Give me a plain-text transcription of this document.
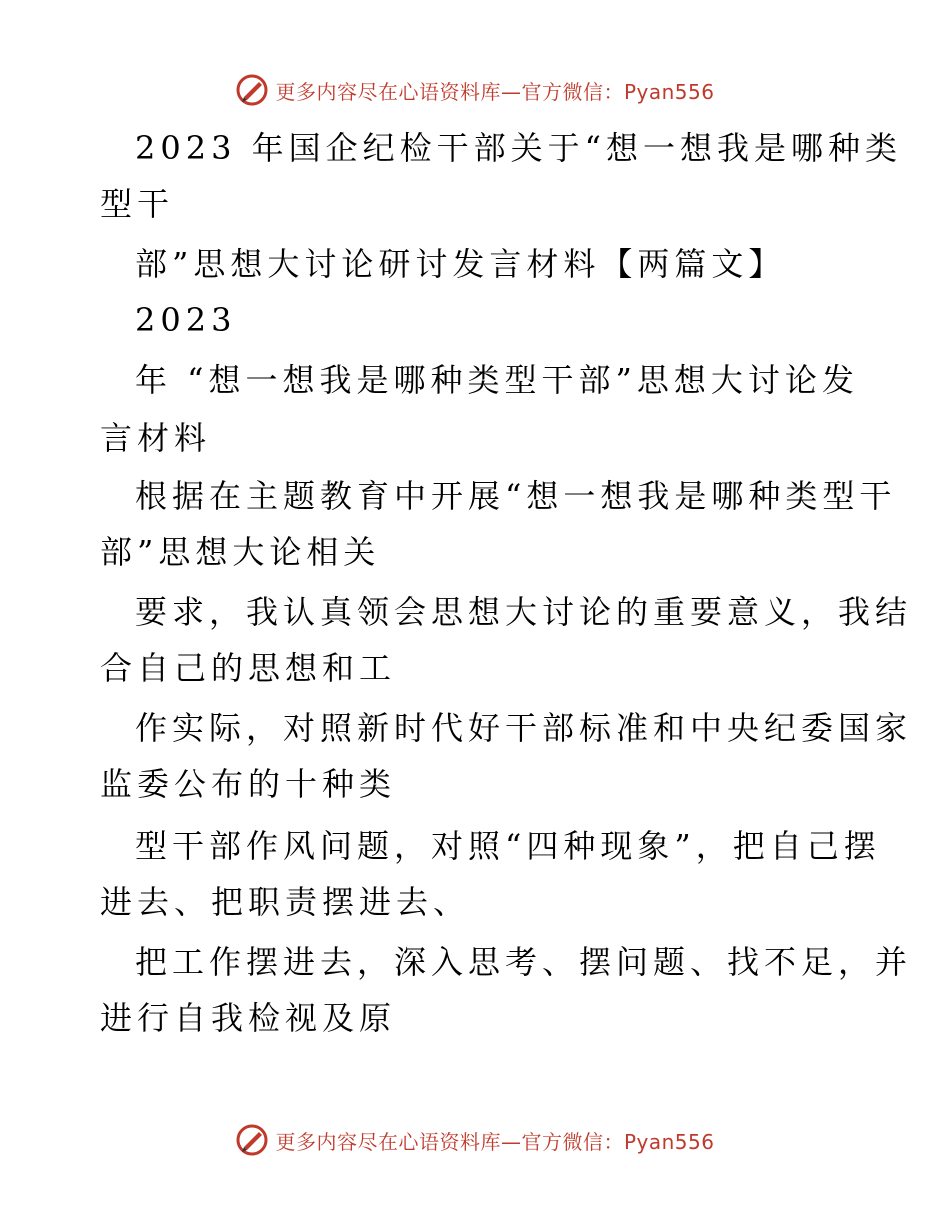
更多内容尽在心语资料库—官方微信：Pyan556
2023 年国企纪检干部关于“想一想我是哪种类
型干
部”思想大讨论研讨发言材料【两篇文】
2023
年 “想一想我是哪种类型干部”思想大讨论发
言材料
根据在主题教育中开展“想一想我是哪种类型干
部”思想大论相关
要求，我认真领会思想大讨论的重要意义，我结
合自己的思想和工
作实际，对照新时代好干部标准和中央纪委国家
监委公布的十种类
型干部作风问题，对照“四种现象”，把自己摆
进去、把职责摆进去、
把工作摆进去，深入思考、摆问题、找不足，并
进行自我检视及原
更多内容尽在心语资料库—官方微信：Pyan556
